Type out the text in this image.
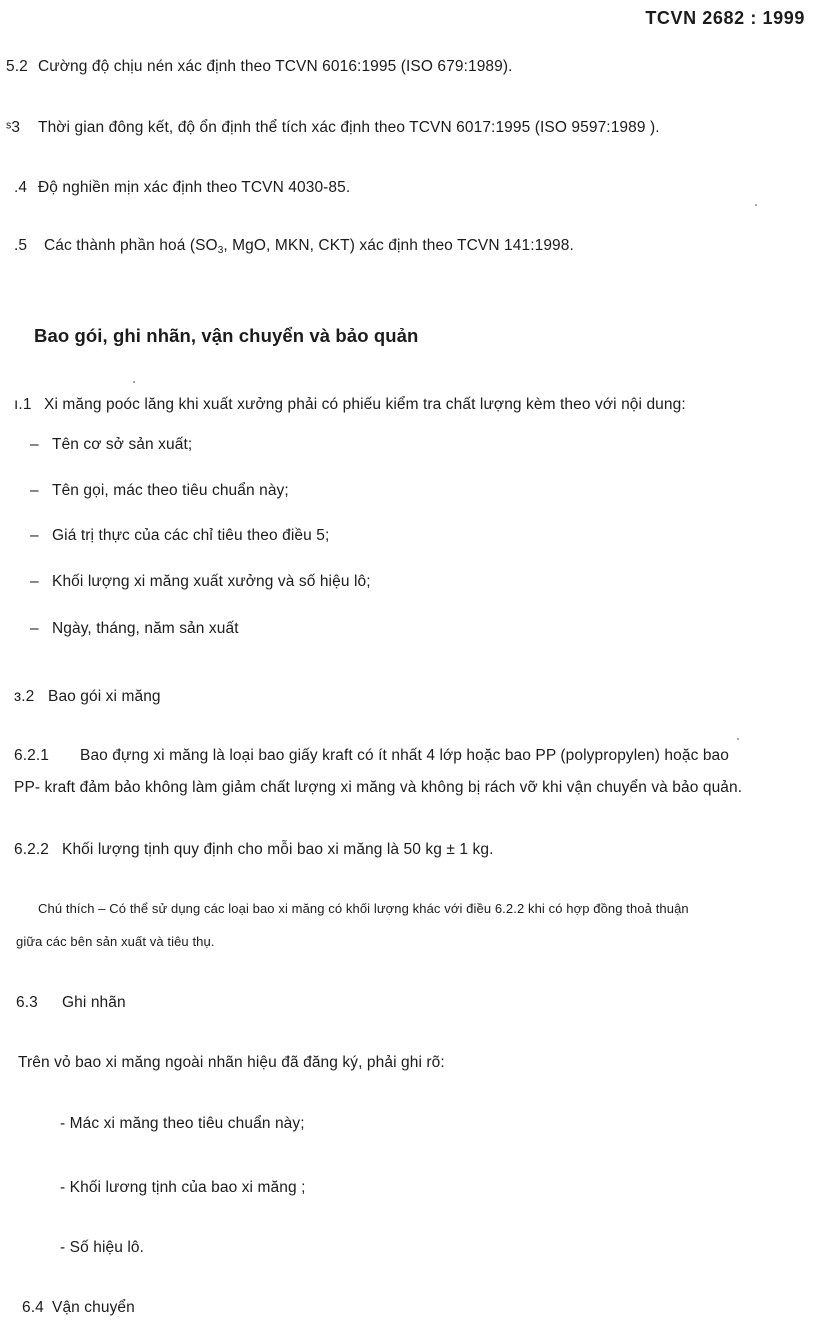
TCVN 2682 : 1999
5.2 Cường độ chịu nén xác định theo TCVN 6016:1995 (ISO 679:1989).
ˢ3 Thời gian đông kết, độ ổn định thể tích xác định theo TCVN 6017:1995 (ISO 9597:1989 ).
.4 Độ nghiền mịn xác định theo TCVN 4030-85.
.5 Các thành phần hoá ($SO_3$, MgO, MKN, CKT) xác định theo TCVN 141:1998.
Bao gói, ghi nhãn, vận chuyển và bảo quản
ı.1 Xi măng poóc lăng khi xuất xưởng phải có phiếu kiểm tra chất lượng kèm theo với nội dung:
– Tên cơ sở sản xuất;
– Tên gọi, mác theo tiêu chuẩn này;
– Giá trị thực của các chỉ tiêu theo điều 5;
– Khối lượng xi măng xuất xưởng và số hiệu lô;
– Ngày, tháng, năm sản xuất
ɜ.2 Bao gói xi măng
6.2.1 Bao đựng xi măng là loại bao giấy kraft có ít nhất 4 lớp hoặc bao PP (polypropylen) hoặc bao
PP- kraft đảm bảo không làm giảm chất lượng xi măng và không bị rách vỡ khi vận chuyển và bảo quản.
6.2.2 Khối lượng tịnh quy định cho mỗi bao xi măng là 50 kg ± 1 kg.
Chú thích – Có thể sử dụng các loại bao xi măng có khối lượng khác với điều 6.2.2 khi có hợp đồng thoả thuận
giữa các bên sản xuất và tiêu thụ.
6.3 Ghi nhãn
Trên vỏ bao xi măng ngoài nhãn hiệu đã đăng ký, phải ghi rõ:
- Mác xi măng theo tiêu chuẩn này;
- Khối lương tịnh của bao xi măng ;
- Số hiệu lô.
6.4 Vận chuyển
